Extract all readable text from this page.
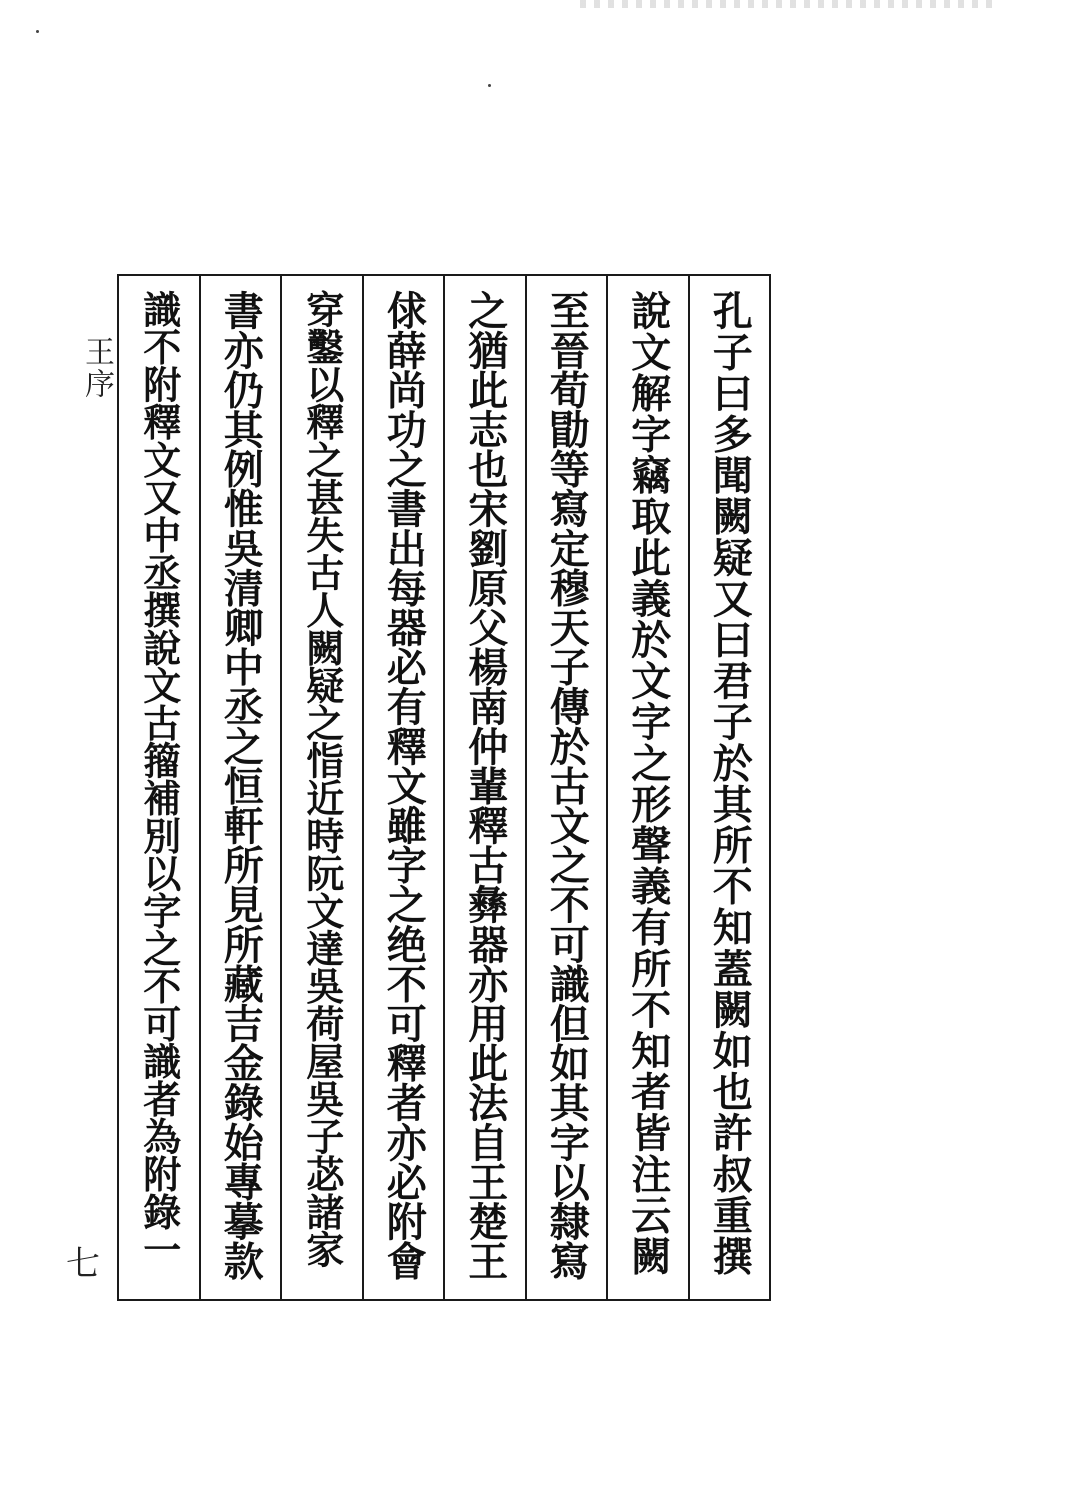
王序	孔子曰多聞闕疑又曰君子於其所不知蓋闕如也許叔重撰
說文解字竊取此義於文字之形聲義有所不知者皆注云闕
至晉荀勖等寫定穆天子傳於古文之不可識但如其字以隸寫
之猶此志也宋劉原父楊南仲輩釋古彝器亦用此法自王楚王
俅薛尚功之書出每器必有釋文雖字之绝不可釋者亦必附會
穿鑿以釋之甚失古人闕疑之恉近時阮文達吳荷屋吳子苾諸家
書亦仍其例惟吳清卿中丞之恒軒所見所藏吉金錄始專摹款
識不附釋文又中丞撰說文古籀補別以字之不可識者為附錄一
七
